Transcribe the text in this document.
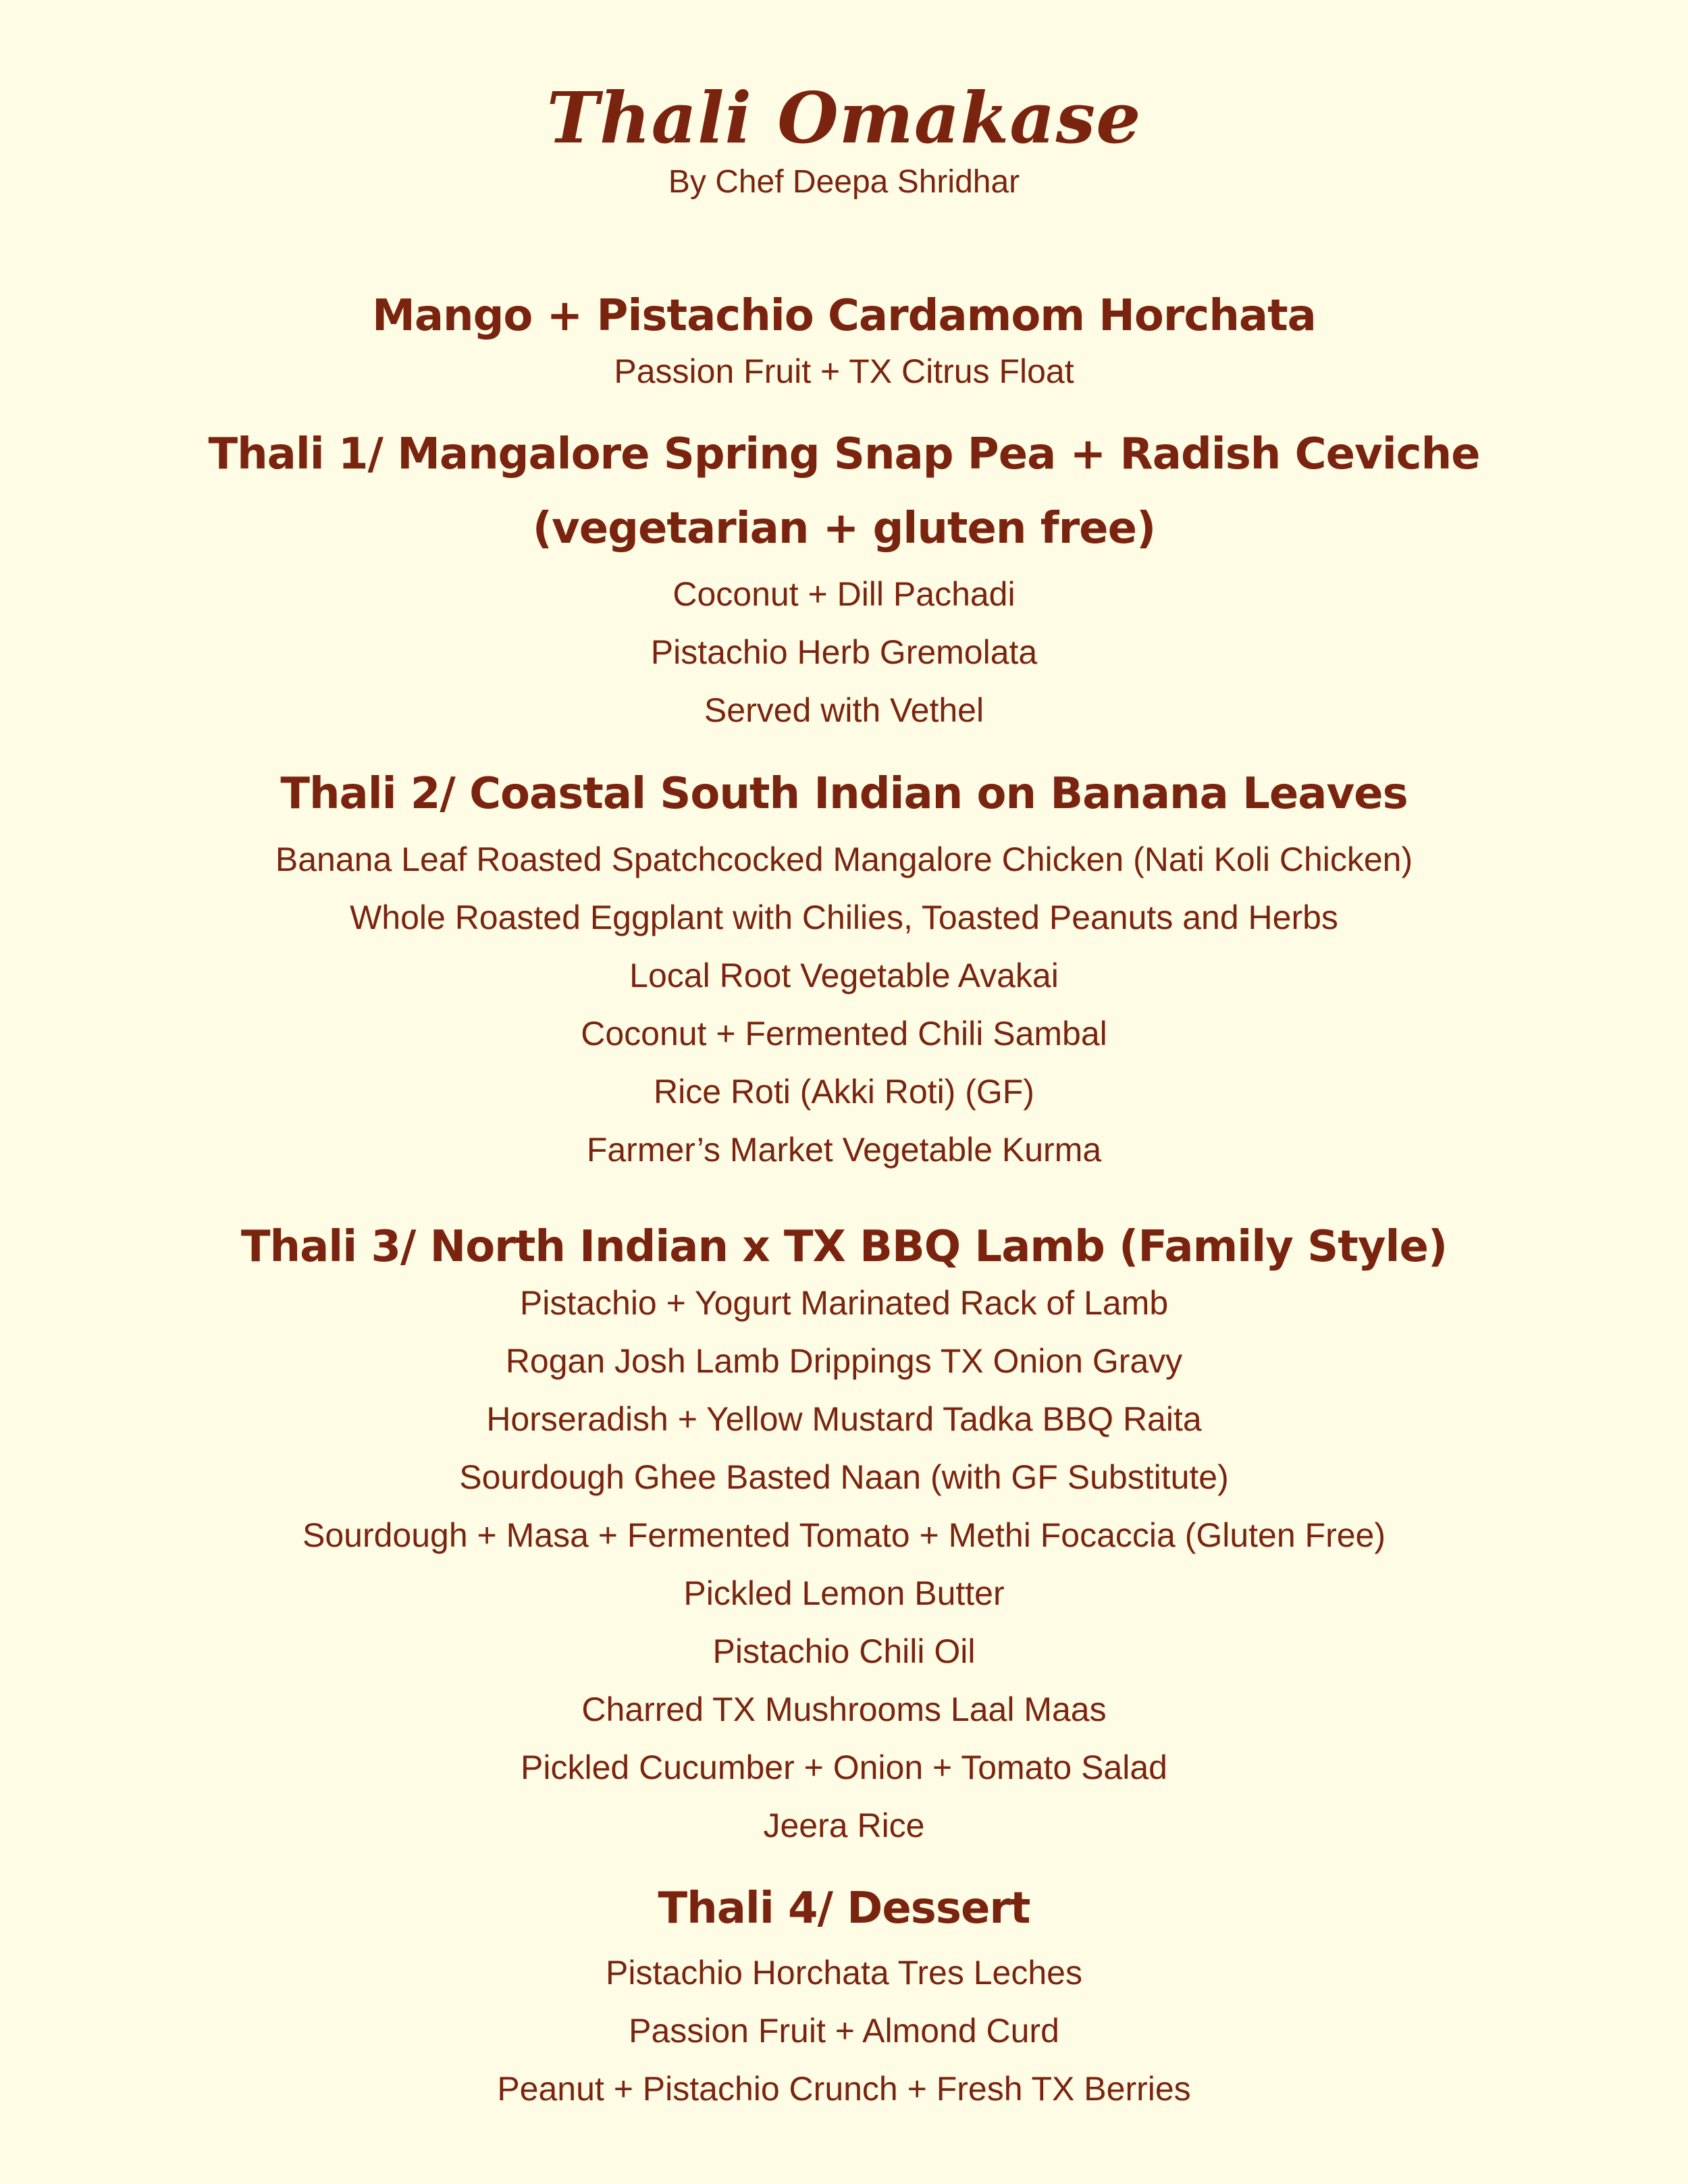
Thali Omakase
By Chef Deepa Shridhar
Mango + Pistachio Cardamom Horchata
Passion Fruit + TX Citrus Float
Thali 1/ Mangalore Spring Snap Pea + Radish Ceviche
(vegetarian + gluten free)
Coconut + Dill Pachadi
Pistachio Herb Gremolata
Served with Vethel
Thali 2/ Coastal South Indian on Banana Leaves
Banana Leaf Roasted Spatchcocked Mangalore Chicken (Nati Koli Chicken)
Whole Roasted Eggplant with Chilies, Toasted Peanuts and Herbs
Local Root Vegetable Avakai
Coconut + Fermented Chili Sambal
Rice Roti (Akki Roti) (GF)
Farmer’s Market Vegetable Kurma
Thali 3/ North Indian x TX BBQ Lamb (Family Style)
Pistachio + Yogurt Marinated Rack of Lamb
Rogan Josh Lamb Drippings TX Onion Gravy
Horseradish + Yellow Mustard Tadka BBQ Raita
Sourdough Ghee Basted Naan (with GF Substitute)
Sourdough + Masa + Fermented Tomato + Methi Focaccia (Gluten Free)
Pickled Lemon Butter
Pistachio Chili Oil
Charred TX Mushrooms Laal Maas
Pickled Cucumber + Onion + Tomato Salad
Jeera Rice
Thali 4/ Dessert
Pistachio Horchata Tres Leches
Passion Fruit + Almond Curd
Peanut + Pistachio Crunch + Fresh TX Berries
